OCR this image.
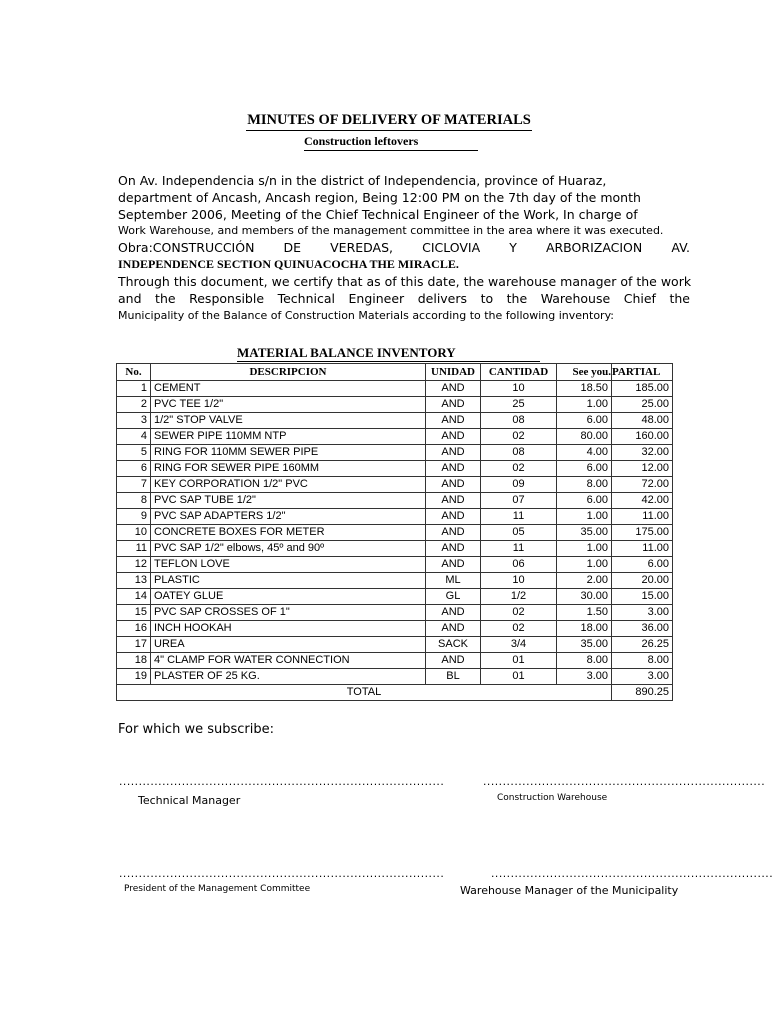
MINUTES OF DELIVERY OF MATERIALS
Construction leftovers
On Av. Independencia s/n in the district of Independencia, province of Huaraz,
department of Ancash, Ancash region, Being 12:00 PM on the 7th day of the month
September 2006, Meeting of the Chief Technical Engineer of the Work, In charge of
Work Warehouse, and members of the management committee in the area where it was executed.
Obra:CONSTRUCCIÓN DE VEREDAS, CICLOVIA Y ARBORIZACION AV.
INDEPENDENCE SECTION QUINUACOCHA THE MIRACLE.
Through this document, we certify that as of this date, the warehouse manager of the work
and the Responsible Technical Engineer delivers to the Warehouse Chief the
Municipality of the Balance of Construction Materials according to the following inventory:
MATERIAL BALANCE INVENTORY
No.	DESCRIPCION	UNIDAD	CANTIDAD	See you.	PARTIAL
1	CEMENT	AND	10	18.50	185.00
2	PVC TEE 1/2"	AND	25	1.00	25.00
3	1/2" STOP VALVE	AND	08	6.00	48.00
4	SEWER PIPE 110MM NTP	AND	02	80.00	160.00
5	RING FOR 110MM SEWER PIPE	AND	08	4.00	32.00
6	RING FOR SEWER PIPE 160MM	AND	02	6.00	12.00
7	KEY CORPORATION 1/2" PVC	AND	09	8.00	72.00
8	PVC SAP TUBE 1/2"	AND	07	6.00	42.00
9	PVC SAP ADAPTERS 1/2"	AND	11	1.00	11.00
10	CONCRETE BOXES FOR METER	AND	05	35.00	175.00
11	PVC SAP 1/2" elbows, 45º and 90º	AND	11	1.00	11.00
12	TEFLON LOVE	AND	06	1.00	6.00
13	PLASTIC	ML	10	2.00	20.00
14	OATEY GLUE	GL	1/2	30.00	15.00
15	PVC SAP CROSSES OF 1"	AND	02	1.50	3.00
16	INCH HOOKAH	AND	02	18.00	36.00
17	UREA	SACK	3/4	35.00	26.25
18	4" CLAMP FOR WATER CONNECTION	AND	01	8.00	8.00
19	PLASTER OF 25 KG.	BL	01	3.00	3.00
TOTAL					890.25
For which we subscribe:
...................................................................................
Technical Manager
........................................................................
Construction Warehouse
...................................................................................
President of the Management Committee
........................................................................
Warehouse Manager of the Municipality
